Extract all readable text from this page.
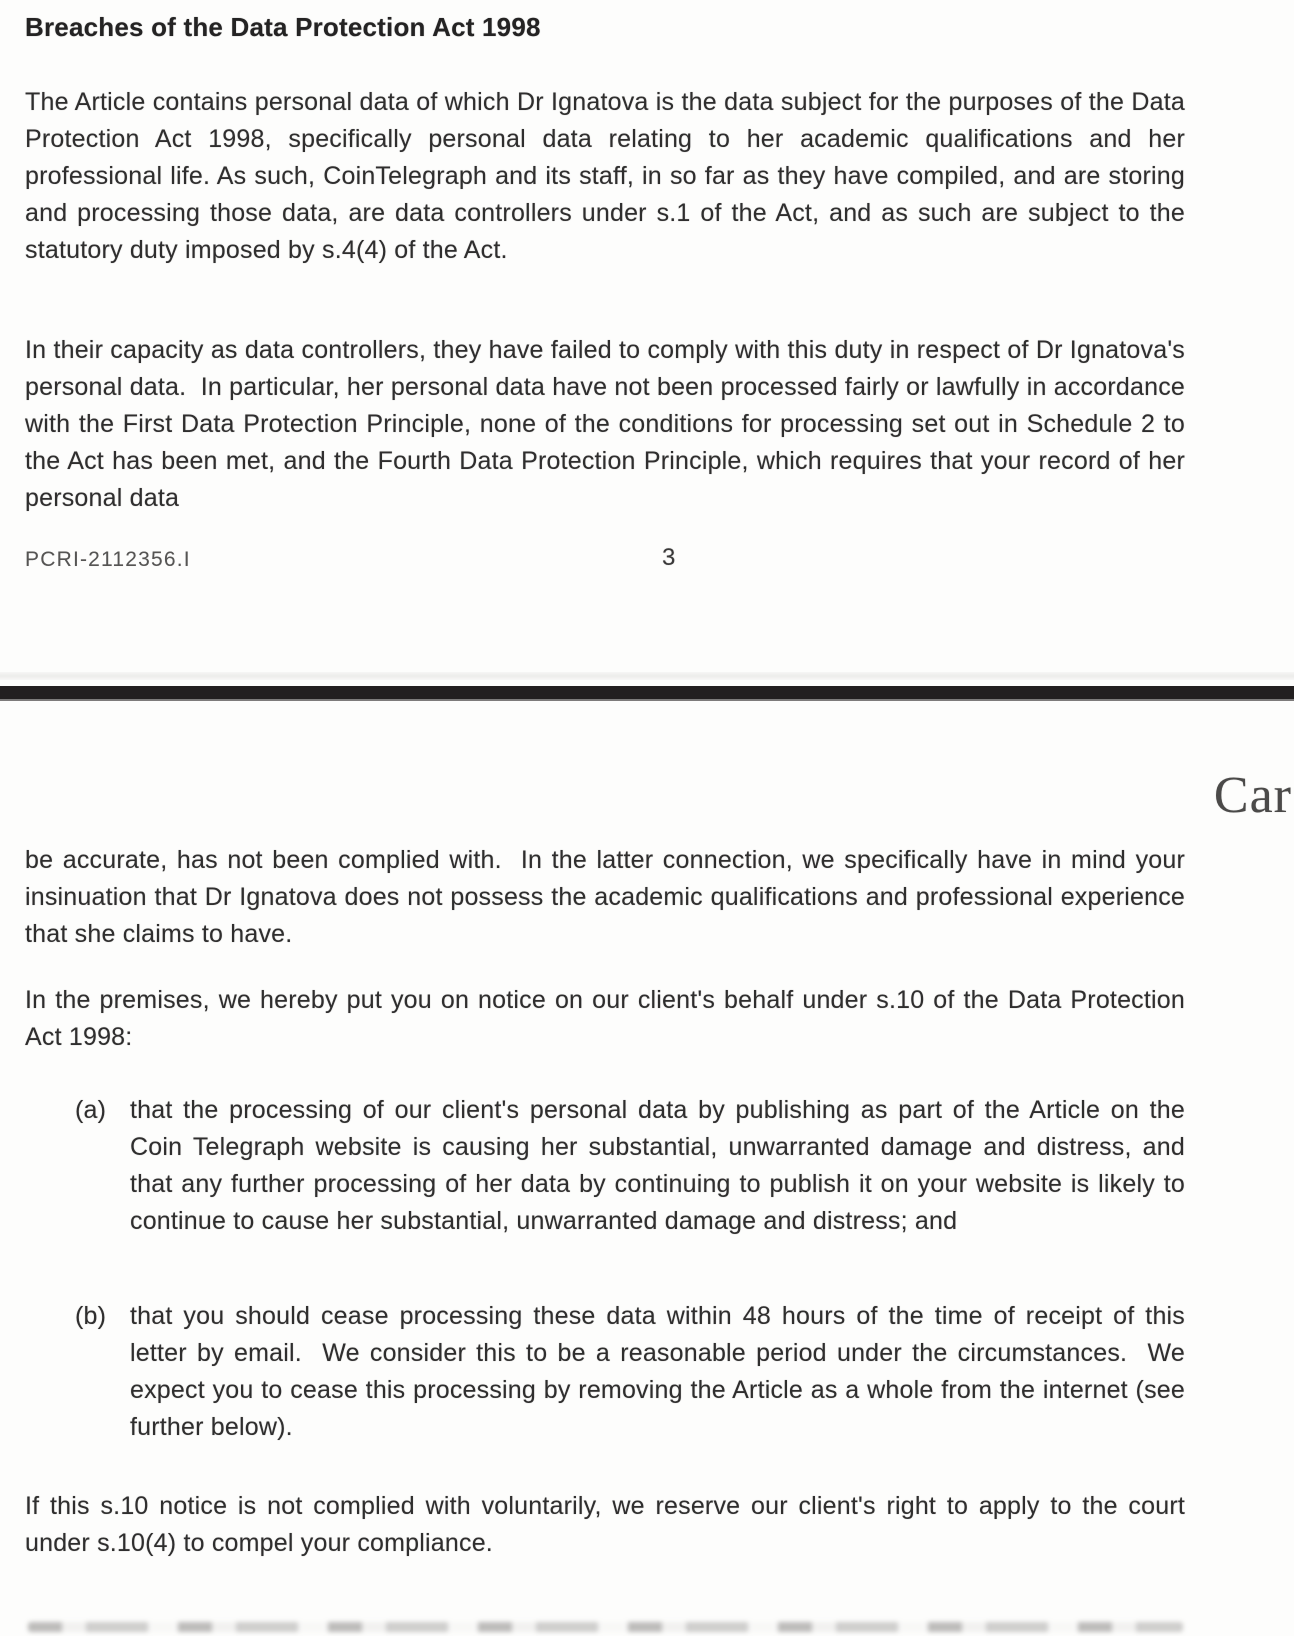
Breaches of the Data Protection Act 1998
The Article contains personal data of which Dr Ignatova is the data subject for the purposes of the Data Protection Act 1998, specifically personal data relating to her academic qualifications and her professional life. As such, CoinTelegraph and its staff, in so far as they have compiled, and are storing and processing those data, are data controllers under s.1 of the Act, and as such are subject to the statutory duty imposed by s.4(4) of the Act.
In their capacity as data controllers, they have failed to comply with this duty in respect of Dr Ignatova's personal data.  In particular, her personal data have not been processed fairly or lawfully in accordance with the First Data Protection Principle, none of the conditions for processing set out in Schedule 2 to the Act has been met, and the Fourth Data Protection Principle, which requires that your record of her personal data
PCRI-2112356.I	3
Car
be accurate, has not been complied with.  In the latter connection, we specifically have in mind your insinuation that Dr Ignatova does not possess the academic qualifications and professional experience that she claims to have.
In the premises, we hereby put you on notice on our client's behalf under s.10 of the Data Protection Act 1998:
(a) that the processing of our client's personal data by publishing as part of the Article on the Coin Telegraph website is causing her substantial, unwarranted damage and distress, and that any further processing of her data by continuing to publish it on your website is likely to continue to cause her substantial, unwarranted damage and distress; and
(b) that you should cease processing these data within 48 hours of the time of receipt of this letter by email.  We consider this to be a reasonable period under the circumstances.  We expect you to cease this processing by removing the Article as a whole from the internet (see further below).
If this s.10 notice is not complied with voluntarily, we reserve our client's right to apply to the court under s.10(4) to compel your compliance.
